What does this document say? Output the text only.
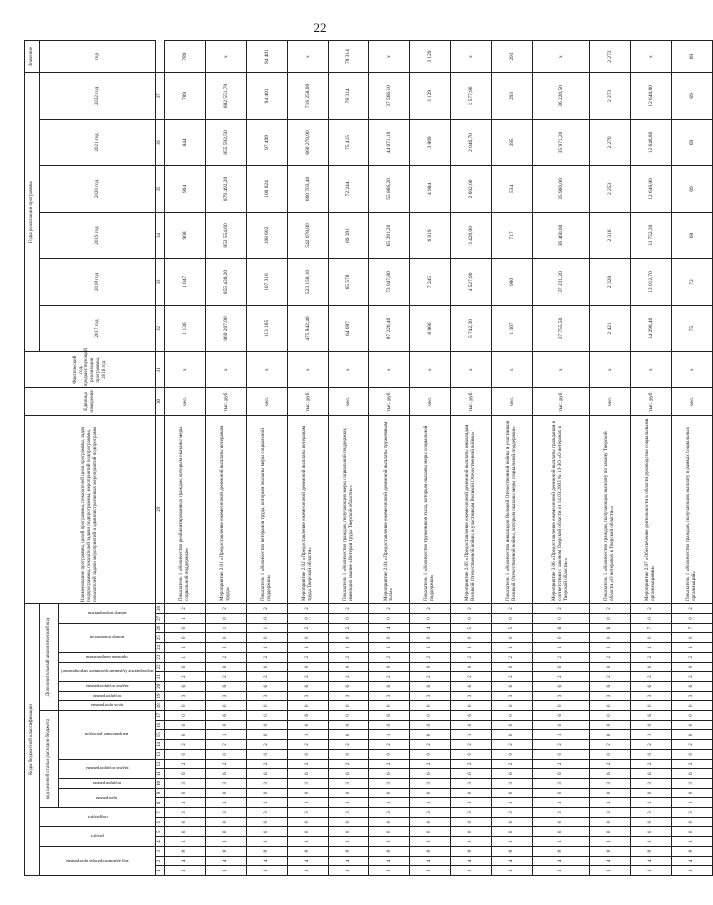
22
Коды бюджетной классификации																												Наименование программы, целей программы, показателей цели программы, задач подпрограммы, показателей задачи подпрограммы, мероприятий подпрограммы, показателей задачи мероприятий и административных мероприятий подпрограмм	Единица измерения	Фактический год, предшествующий реализации программы, 2016 год	Годы реализации программы						Значение

код администратора программы			раздел		подраздел		код целевой статьи расходов бюджета										Дополнительный аналитический код														2017 год	2018 год	2019 год	2020 год	2021 год	2022 год	год

							программа		подпрограмма	задача подпрограммы		направление расходов					цель программы	подпрограмма	задача подпрограммы	мероприятие (административное мероприятие)		признак направления	номер показателя			номер мероприятия											

1	2	3	4	5	6	7	8	9	10	11	12	13	14	15	16	17	18	19	20	21	22	23	24	25	26	27	28	29	30	31	32	33	34	35	36	37	
1	4	8	1	0	0	3	1	0	3	6	2	0	2	0	0	0	0	3	6	2	0	1	1	0	0	1	2	Показатель 1 «Количество реабилитированных граждан, которым оказаны меры социальной поддержки»	чел.	х	1 136	1 047	908	904	844	789	789
1	4	8	1	0	0	3	1	0	3	6	2	0	2	1	0	6	0	3	6	2	0	2	1	0	1	0	2	Мероприятие 2.01 «Предоставление ежемесячной денежной выплаты ветеранам труда»	тыс. руб.	х	869 207,90	855 438,20	852 554,60	879 492,20	855 592,50	882 551,70	х
1	4	8	1	0	0	3	1	0	3	6	2	0	2	0	0	0	0	3	6	2	0	2	1	0	1	0	2	Показатель 1 «Количество ветеранов труда, которым оказаны меры социальной поддержки»	чел.	х	113 165	107 316	108 602	100 024	97 499	94 401	94 401
1	4	8	1	0	0	3	1	0	3	6	2	0	2	1	0	6	0	3	6	2	0	2	1	0	2	0	2	Мероприятие 2.02 «Предоставление ежемесячной денежной выплаты ветеранам труда Тверской области»	тыс. руб.	х	475 842,40	523 158,10	542 078,80	660 703,40	660 270,90	716 258,00	х
1	4	8	1	0	0	3	1	0	3	6	2	0	2	0	0	0	0	3	6	2	0	2	1	0	2	0	2	Показатель 1 «Количество граждан, получающих меры социальной поддержки, имеющих звание «Ветеран труда Тверской области»»	чел.	х	64 087	65 578	69 391	72 244	75 415	78 314	78 314
1	4	8	1	0	0	3	1	0	3	6	2	0	2	1	0	6	0	3	6	2	0	2	1	0	4	0	2	Мероприятие 2.04 «Предоставление ежемесячной денежной выплаты труженикам тыла»	тыс. руб.	х	87 226,40	73 047,80	65 391,20	55 866,20	44 071,10	37 566,10	х
1	4	8	1	0	0	3	1	0	3	6	2	0	2	0	0	0	0	3	6	2	0	2	1	0	4	0	2	Показатель 1 «Количество тружеников тыла, которым оказаны меры социальной поддержки»	чел.	х	8 866	7 245	6 019	4 984	3 869	3 129	3 129
1	4	8	1	0	0	3	1	0	3	6	2	0	2	1	0	6	0	3	6	2	0	2	1	0	5	0	2	Мероприятие 2.05 «Предоставление ежемесячной денежной выплаты инвалидам Великой Отечественной войны и участникам Великой Отечественной войны»	тыс. руб.	х	5 742,30	4 527,90	3 420,00	2 602,00	2 046,70	1 577,90	х
1	4	8	1	0	0	3	1	0	3	6	2	0	2	0	0	0	0	3	6	2	0	2	1	0	5	0	2	Показатель 1 «Количество инвалидов Великой Отечественной войны и участников Великой Отечественной войны, которым оказаны меры социальной поддержки»	чел.	х	1 307	980	717	534	395	293	293
1	4	8	1	0	0	3	1	0	3	6	2	0	2	1	0	6	0	3	6	2	0	2	1	0	6	0	2	Мероприятие 2.06 «Предоставление ежемесячной денежной выплаты гражданам в соответствии с законом Тверской области от 14.03.2003 № 13-ЗО «О ветеранах в Тверской области»»	тыс. руб.	х	37 755,50	37 231,20	36 460,00	35 960,00	35 971,20	36 220,50	х
1	4	8	1	0	0	3	1	0	3	6	2	0	2	0	0	0	0	3	6	2	0	2	1	0	6	0	2	Показатель 1 «Количество граждан, получающих выплату по закону Тверской области «О ветеранах в Тверской области»»	чел.	х	2 421	2 328	2 316	2 253	2 270	2 273	2 273
1	4	8	1	0	0	3	1	0	3	6	2	0	2	1	0	6	0	3	6	2	0	2	1	0	7	0	2	Мероприятие 2.07 «Обеспечение деятельности в области руководства социальными организациями»	тыс. руб.	х	14 298,40	13 012,70	13 752,30	12 648,80	12 648,80	12 648,80	х
1	4	8	1	0	0	3	1	0	3	6	2	0	2	0	0	0	0	3	6	2	0	2	1	0	7	0	2	Показатель 1 «Количество граждан, получающих выплату в рамках социальных организаций»	чел.	х	75	72	68	69	69	69	69
